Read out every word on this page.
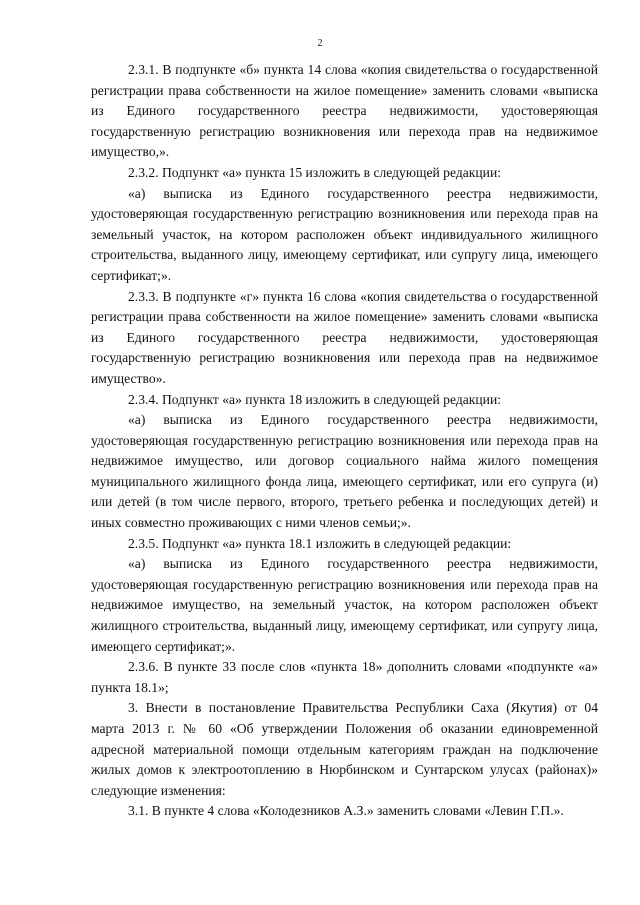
2

2.3.1. В подпункте «б» пункта 14 слова «копия свидетельства о государственной регистрации права собственности на жилое помещение» заменить словами «выписка из Единого государственного реестра недвижимости, удостоверяющая государственную регистрацию возникновения или перехода прав на недвижимое имущество,».

2.3.2. Подпункт «а» пункта 15 изложить в следующей редакции:

«а) выписка из Единого государственного реестра недвижимости, удостоверяющая государственную регистрацию возникновения или перехода прав на земельный участок, на котором расположен объект индивидуального жилищного строительства, выданного лицу, имеющему сертификат, или супругу лица, имеющего сертификат;».

2.3.3. В подпункте «г» пункта 16 слова «копия свидетельства о государственной регистрации права собственности на жилое помещение» заменить словами «выписка из Единого государственного реестра недвижимости, удостоверяющая государственную регистрацию возникновения или перехода прав на недвижимое имущество».

2.3.4. Подпункт «а» пункта 18 изложить в следующей редакции:

«а) выписка из Единого государственного реестра недвижимости, удостоверяющая государственную регистрацию возникновения или перехода прав на недвижимое имущество, или договор социального найма жилого помещения муниципального жилищного фонда лица, имеющего сертификат, или его супруга (и) или детей (в том числе первого, второго, третьего ребенка и последующих детей) и иных совместно проживающих с ними членов семьи;».

2.3.5. Подпункт «а» пункта 18.1 изложить в следующей редакции:

«а) выписка из Единого государственного реестра недвижимости, удостоверяющая государственную регистрацию возникновения или перехода прав на недвижимое имущество, на земельный участок, на котором расположен объект жилищного строительства, выданный лицу, имеющему сертификат, или супругу лица, имеющего сертификат;».

2.3.6. В пункте 33 после слов «пункта 18» дополнить словами «подпункте «а» пункта 18.1»;

3. Внести в постановление Правительства Республики Саха (Якутия) от 04 марта 2013 г. № 60 «Об утверждении Положения об оказании единовременной адресной материальной помощи отдельным категориям граждан на подключение жилых домов к электроотоплению в Нюрбинском и Сунтарском улусах (районах)» следующие изменения:

3.1. В пункте 4 слова «Колодезников А.З.» заменить словами «Левин Г.П.».
